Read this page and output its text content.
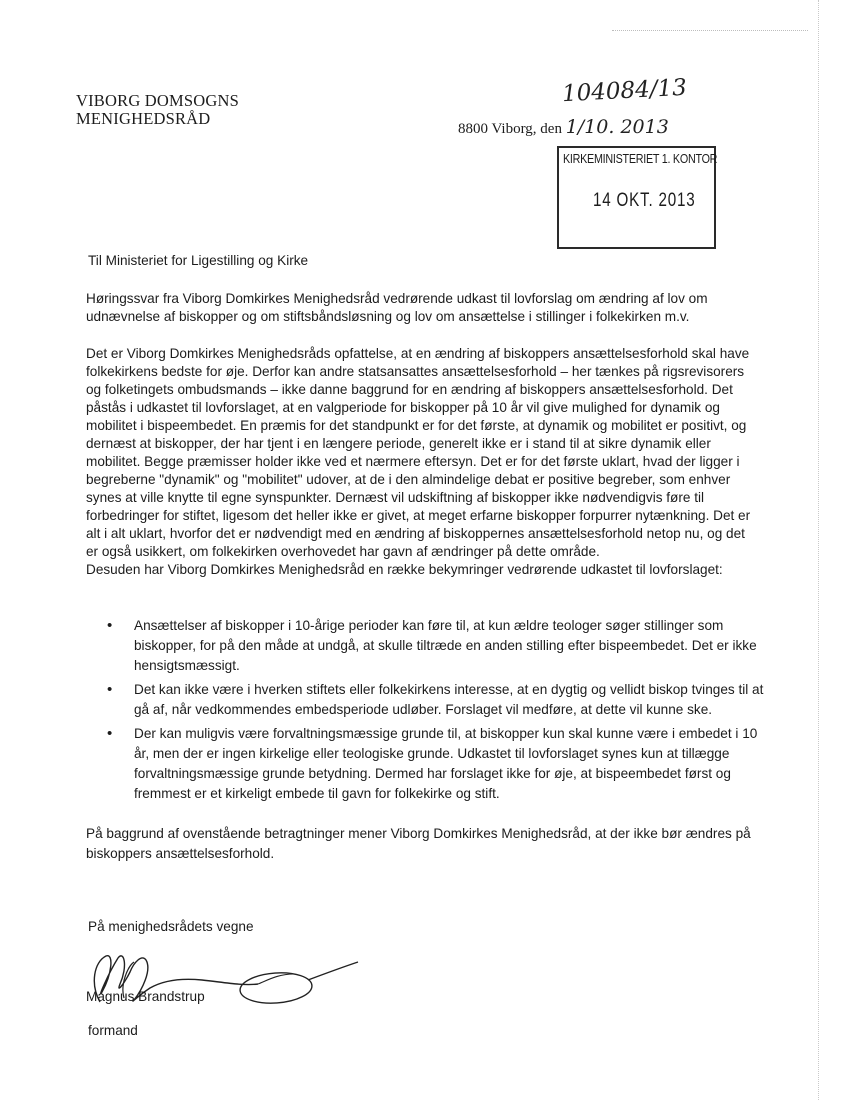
VIBORG DOMSOGNS
MENIGHEDSRÅD
104084/13
8800 Viborg, den 1/10. 2013
KIRKEMINISTERIET 1. KONTOR
14 OKT. 2013
Til Ministeriet for Ligestilling og Kirke
Høringssvar fra Viborg Domkirkes Menighedsråd vedrørende udkast til lovforslag om ændring af lov om udnævnelse af biskopper og om stiftsbåndsløsning og lov om ansættelse i stillinger i folkekirken m.v.
Det er Viborg Domkirkes Menighedsråds opfattelse, at en ændring af biskoppers ansættelsesforhold skal have folkekirkens bedste for øje. Derfor kan andre statsansattes ansættelsesforhold – her tænkes på rigsrevisorers og folketingets ombudsmands – ikke danne baggrund for en ændring af biskoppers ansættelsesforhold. Det påstås i udkastet til lovforslaget, at en valgperiode for biskopper på 10 år vil give mulighed for dynamik og mobilitet i bispeembedet. En præmis for det standpunkt er for det første, at dynamik og mobilitet er positivt, og dernæst at biskopper, der har tjent i en længere periode, generelt ikke er i stand til at sikre dynamik eller mobilitet. Begge præmisser holder ikke ved et nærmere eftersyn. Det er for det første uklart, hvad der ligger i begreberne "dynamik" og "mobilitet" udover, at de i den almindelige debat er positive begreber, som enhver synes at ville knytte til egne synspunkter. Dernæst vil udskiftning af biskopper ikke nødvendigvis føre til forbedringer for stiftet, ligesom det heller ikke er givet, at meget erfarne biskopper forpurrer nytænkning. Det er alt i alt uklart, hvorfor det er nødvendigt med en ændring af biskoppernes ansættelsesforhold netop nu, og det er også usikkert, om folkekirken overhovedet har gavn af ændringer på dette område.
Desuden har Viborg Domkirkes Menighedsråd en række bekymringer vedrørende udkastet til lovforslaget:
• Ansættelser af biskopper i 10-årige perioder kan føre til, at kun ældre teologer søger stillinger som biskopper, for på den måde at undgå, at skulle tiltræde en anden stilling efter bispeembedet. Det er ikke hensigtsmæssigt.
• Det kan ikke være i hverken stiftets eller folkekirkens interesse, at en dygtig og vellidt biskop tvinges til at gå af, når vedkommendes embedsperiode udløber. Forslaget vil medføre, at dette vil kunne ske.
• Der kan muligvis være forvaltningsmæssige grunde til, at biskopper kun skal kunne være i embedet i 10 år, men der er ingen kirkelige eller teologiske grunde. Udkastet til lovforslaget synes kun at tillægge forvaltningsmæssige grunde betydning. Dermed har forslaget ikke for øje, at bispeembedet først og fremmest er et kirkeligt embede til gavn for folkekirke og stift.
På baggrund af ovenstående betragtninger mener Viborg Domkirkes Menighedsråd, at der ikke bør ændres på biskoppers ansættelsesforhold.
På menighedsrådets vegne
Magnus Brandstrup
formand
